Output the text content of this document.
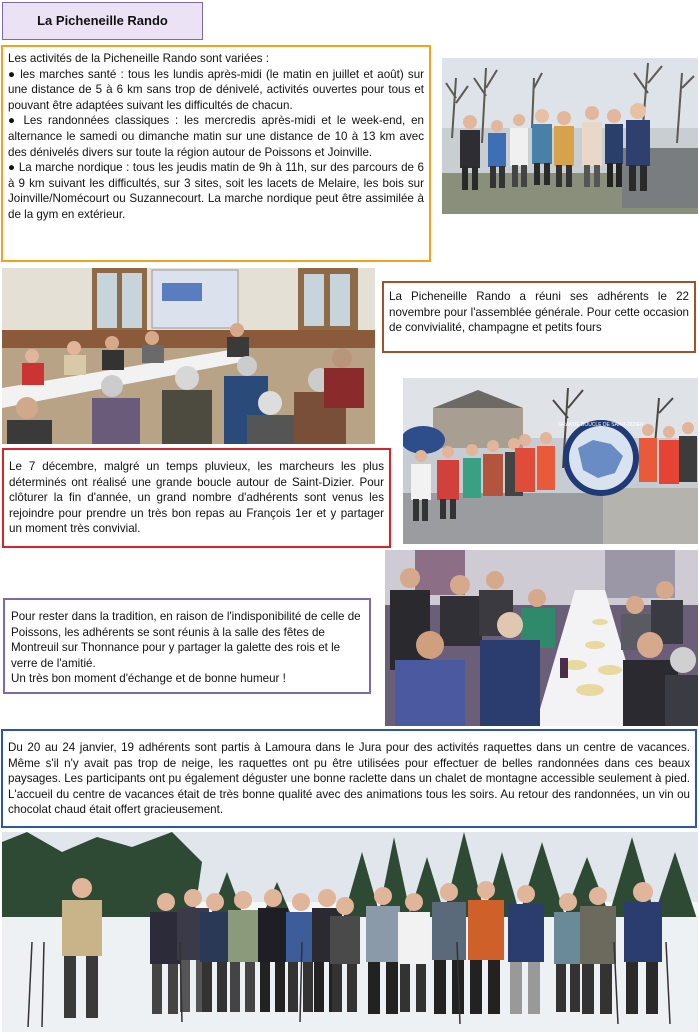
La Picheneille Rando

Les activités de la Picheneille Rando sont variées :

● les marches santé : tous les lundis après-midi (le matin en juillet et août) sur une distance de 5 à 6 km sans trop de dénivelé, activités ouvertes pour tous et pouvant être adaptées suivant les difficultés de chacun.

● Les randonnées classiques : les mercredis après-midi et le week-end, en alternance le samedi ou dimanche matin sur une distance de 10 à 13 km avec des dénivelés divers sur toute la région autour de Poissons et Joinville.

● La marche nordique : tous les jeudis matin de 9h à 11h, sur des parcours de 6 à 9 km suivant les difficultés, sur 3 sites, soit les lacets de Melaire, les bois sur Joinville/Nomécourt ou Suzannecourt. La marche nordique peut être assimilée à de la gym en extérieur.

La Picheneille Rando a réuni ses adhérents le 22 novembre pour l'assemblée générale. Pour cette occasion de convivialité, champagne et petits fours
GRANDE BOUCLE DE SAINT-DIZIER
Le 7 décembre, malgré un temps pluvieux, les marcheurs les plus déterminés ont réalisé une grande boucle autour de Saint-Dizier. Pour clôturer la fin d'année, un grand nombre d'adhérents sont venus les rejoindre pour prendre un très bon repas au François 1er et y partager un moment très convivial.
Pour rester dans la tradition, en raison de l'indisponibilité de celle de Poissons, les adhérents se sont réunis à la salle des fêtes de Montreuil sur Thonnance pour y partager la galette des rois et le verre de l'amitié.
Un très bon moment d'échange et de bonne humeur !
Du 20 au 24 janvier, 19 adhérents sont partis à Lamoura dans le Jura pour des activités raquettes dans un centre de vacances. Même s'il n'y avait pas trop de neige, les raquettes ont pu être utilisées pour effectuer de belles randonnées dans ces beaux paysages. Les participants ont pu également déguster une bonne raclette dans un chalet de montagne accessible seulement à pied. L'accueil du centre de vacances était de très bonne qualité avec des animations tous les soirs. Au retour des randonnées, un vin ou chocolat chaud était offert gracieusement.
